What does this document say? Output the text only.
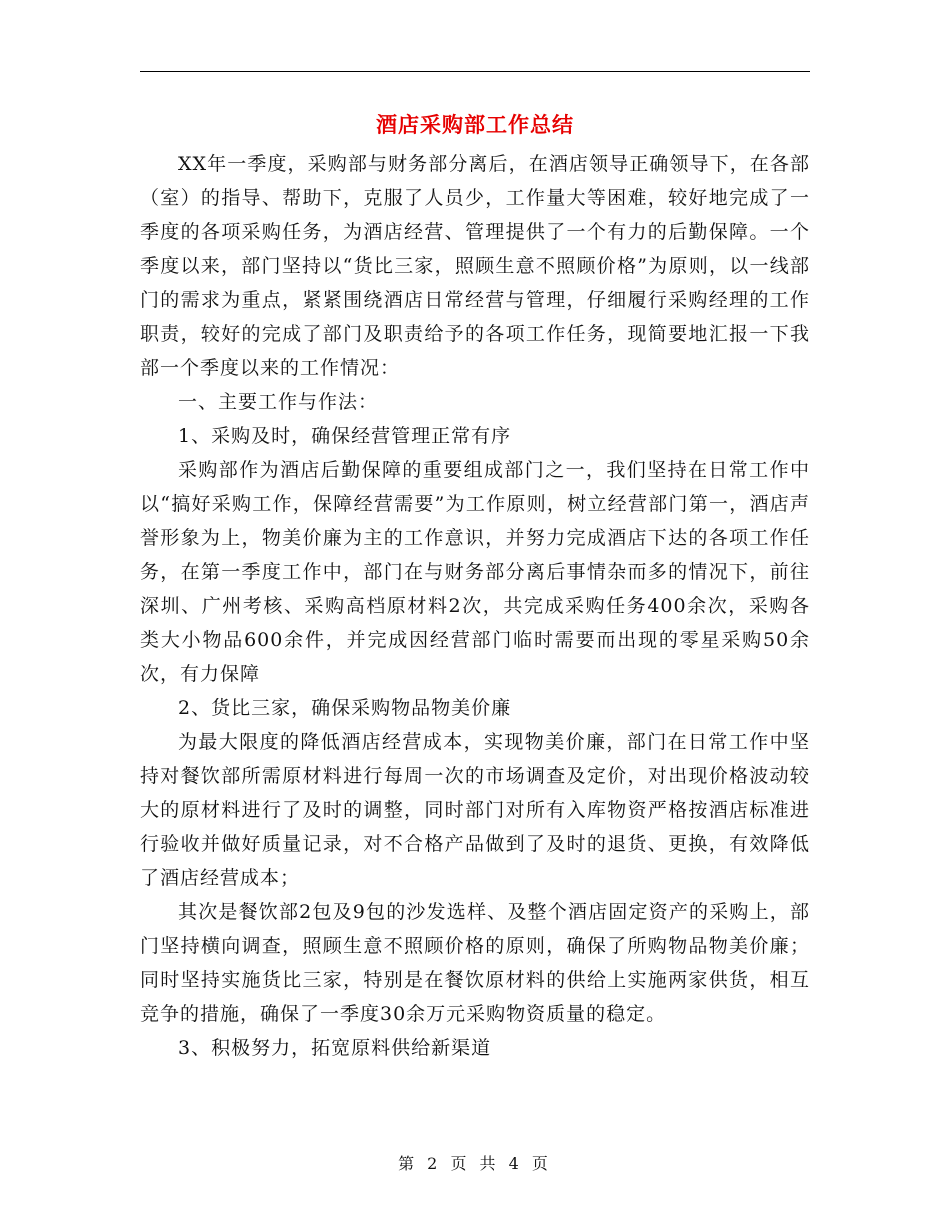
酒店采购部工作总结

XX年一季度，采购部与财务部分离后，在酒店领导正确领导下，在各部（室）的指导、帮助下，克服了人员少，工作量大等困难，较好地完成了一季度的各项采购任务，为酒店经营、管理提供了一个有力的后勤保障。一个季度以来，部门坚持以“货比三家，照顾生意不照顾价格”为原则，以一线部门的需求为重点，紧紧围绕酒店日常经营与管理，仔细履行采购经理的工作职责，较好的完成了部门及职责给予的各项工作任务，现简要地汇报一下我部一个季度以来的工作情况：

一、主要工作与作法：

1、采购及时，确保经营管理正常有序

采购部作为酒店后勤保障的重要组成部门之一，我们坚持在日常工作中以“搞好采购工作，保障经营需要”为工作原则，树立经营部门第一，酒店声誉形象为上，物美价廉为主的工作意识，并努力完成酒店下达的各项工作任务，在第一季度工作中，部门在与财务部分离后事情杂而多的情况下，前往深圳、广州考核、采购高档原材料2次，共完成采购任务400余次，采购各类大小物品600余件，并完成因经营部门临时需要而出现的零星采购50余次，有力保障

2、货比三家，确保采购物品物美价廉

为最大限度的降低酒店经营成本，实现物美价廉，部门在日常工作中坚持对餐饮部所需原材料进行每周一次的市场调查及定价，对出现价格波动较大的原材料进行了及时的调整，同时部门对所有入库物资严格按酒店标准进行验收并做好质量记录，对不合格产品做到了及时的退货、更换，有效降低了酒店经营成本；

其次是餐饮部2包及9包的沙发选样、及整个酒店固定资产的采购上，部门坚持横向调查，照顾生意不照顾价格的原则，确保了所购物品物美价廉；同时坚持实施货比三家，特别是在餐饮原材料的供给上实施两家供货，相互竞争的措施，确保了一季度30余万元采购物资质量的稳定。

3、积极努力，拓宽原料供给新渠道

第 2 页 共 4 页
